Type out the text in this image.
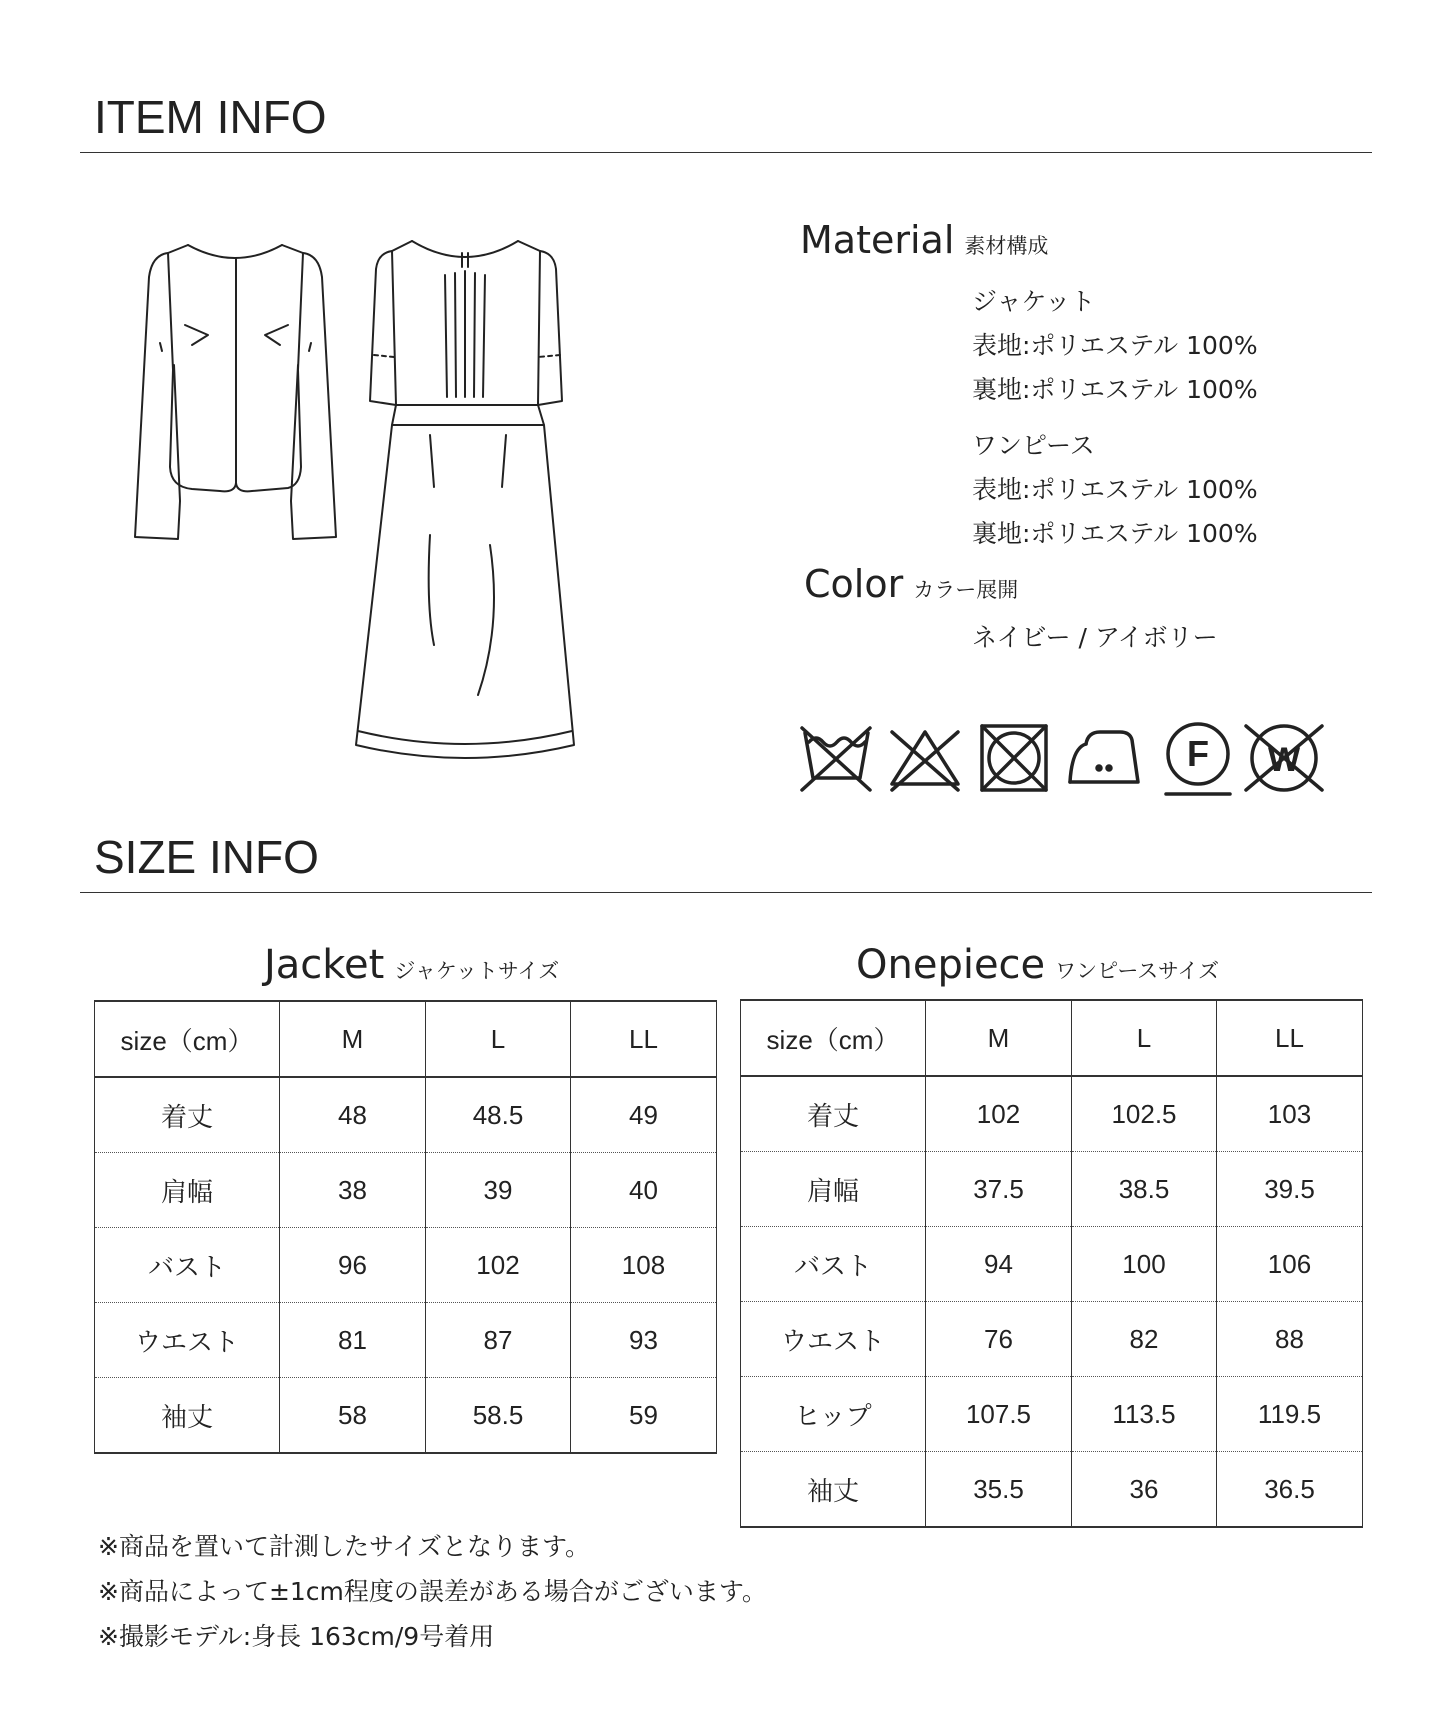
ITEM INFO
Material 素材構成
ジャケット
表地:ポリエステル 100%
裏地:ポリエステル 100%
ワンピース
表地:ポリエステル 100%
裏地:ポリエステル 100%
Color カラー展開
ネイビー / アイボリー
F W
SIZE INFO
Jacket ジャケットサイズ
size（cm）	M	L	LL
着丈	48	48.5	49
肩幅	38	39	40
バスト	96	102	108
ウエスト	81	87	93
袖丈	58	58.5	59
Onepiece ワンピースサイズ
size（cm）	M	L	LL
着丈	102	102.5	103
肩幅	37.5	38.5	39.5
バスト	94	100	106
ウエスト	76	82	88
ヒップ	107.5	113.5	119.5
袖丈	35.5	36	36.5
※商品を置いて計測したサイズとなります。
※商品によって±1cm程度の誤差がある場合がございます。
※撮影モデル:身長 163cm/9号着用
